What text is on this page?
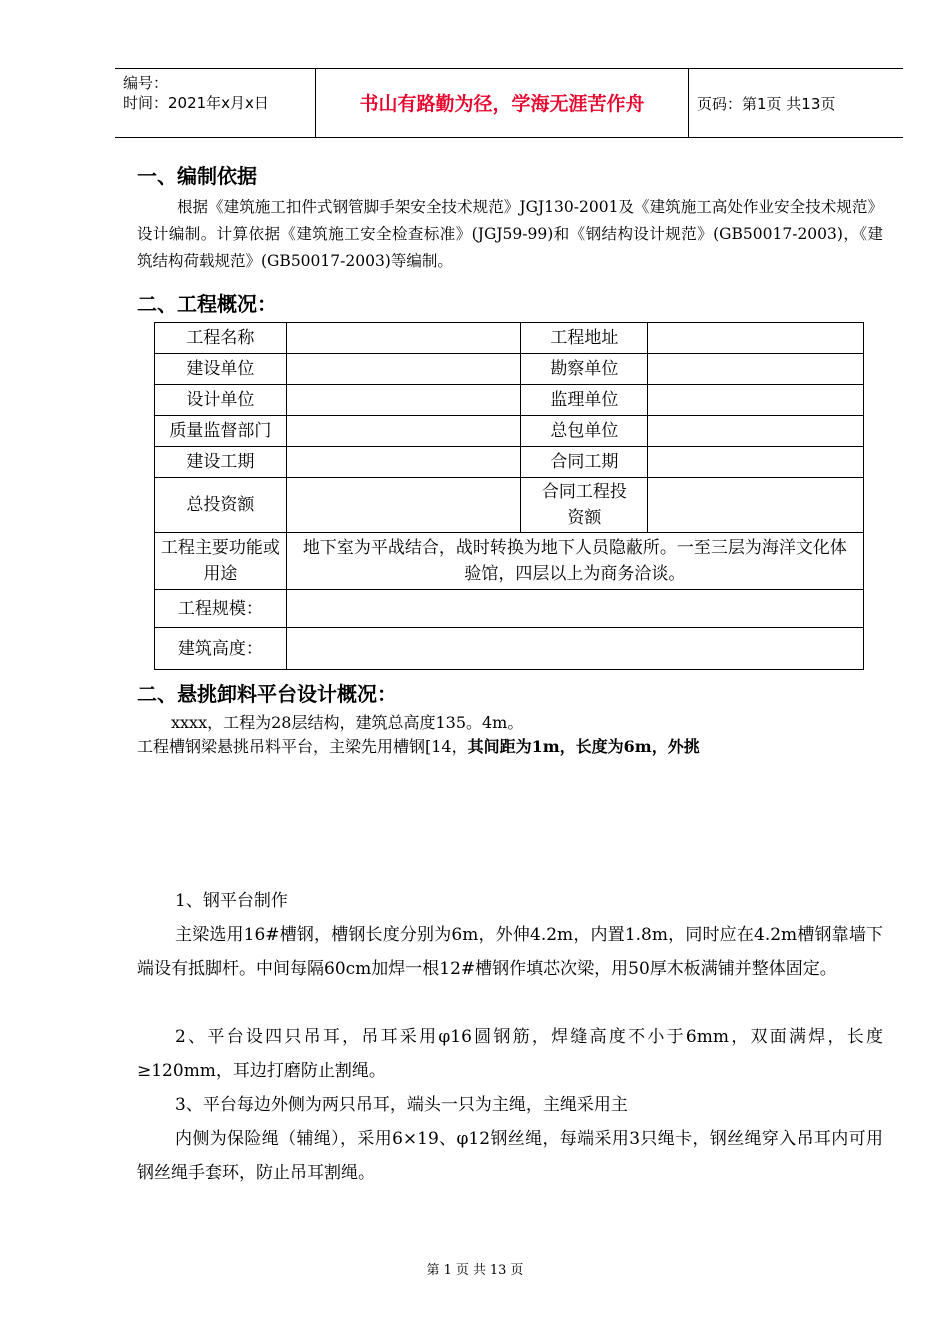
编号：
时间：2021年x月x日	书山有路勤为径，学海无涯苦作舟	页码：第1页 共13页
一、编制依据
根据《建筑施工扣件式钢管脚手架安全技术规范》JGJ130-2001及《建筑施工高处作业安全技术规范》设计编制。计算依据《建筑施工安全检查标准》(JGJ59-99)和《钢结构设计规范》(GB50017-2003)，《建筑结构荷载规范》(GB50017-2003)等编制。
二、工程概况：
工程名称		工程地址	
建设单位		勘察单位	
设计单位		监理单位	
质量监督部门		总包单位	
建设工期		合同工期	
总投资额		合同工程投资额	
工程主要功能或用途	地下室为平战结合，战时转换为地下人员隐蔽所。一至三层为海洋文化体验馆，四层以上为商务洽谈。		
工程规模：			
建筑高度：			
二、悬挑卸料平台设计概况：
xxxx，工程为28层结构，建筑总高度135。4m。
工程槽钢梁悬挑吊料平台，主梁先用槽钢[14，其间距为1m，长度为6m，外挑
1、钢平台制作
主梁选用16#槽钢，槽钢长度分别为6m，外伸4.2m，内置1.8m，同时应在4.2m槽钢靠墙下端设有抵脚杆。中间每隔60cm加焊一根12#槽钢作填芯次梁，用50厚木板满铺并整体固定。
2、平台设四只吊耳，吊耳采用φ16圆钢筋，焊缝高度不小于6mm，双面满焊，长度≥120mm，耳边打磨防止割绳。
3、平台每边外侧为两只吊耳，端头一只为主绳，主绳采用主
内侧为保险绳（辅绳），采用6×19、φ12钢丝绳，每端采用3只绳卡，钢丝绳穿入吊耳内可用钢丝绳手套环，防止吊耳割绳。
第 1 页 共 13 页
